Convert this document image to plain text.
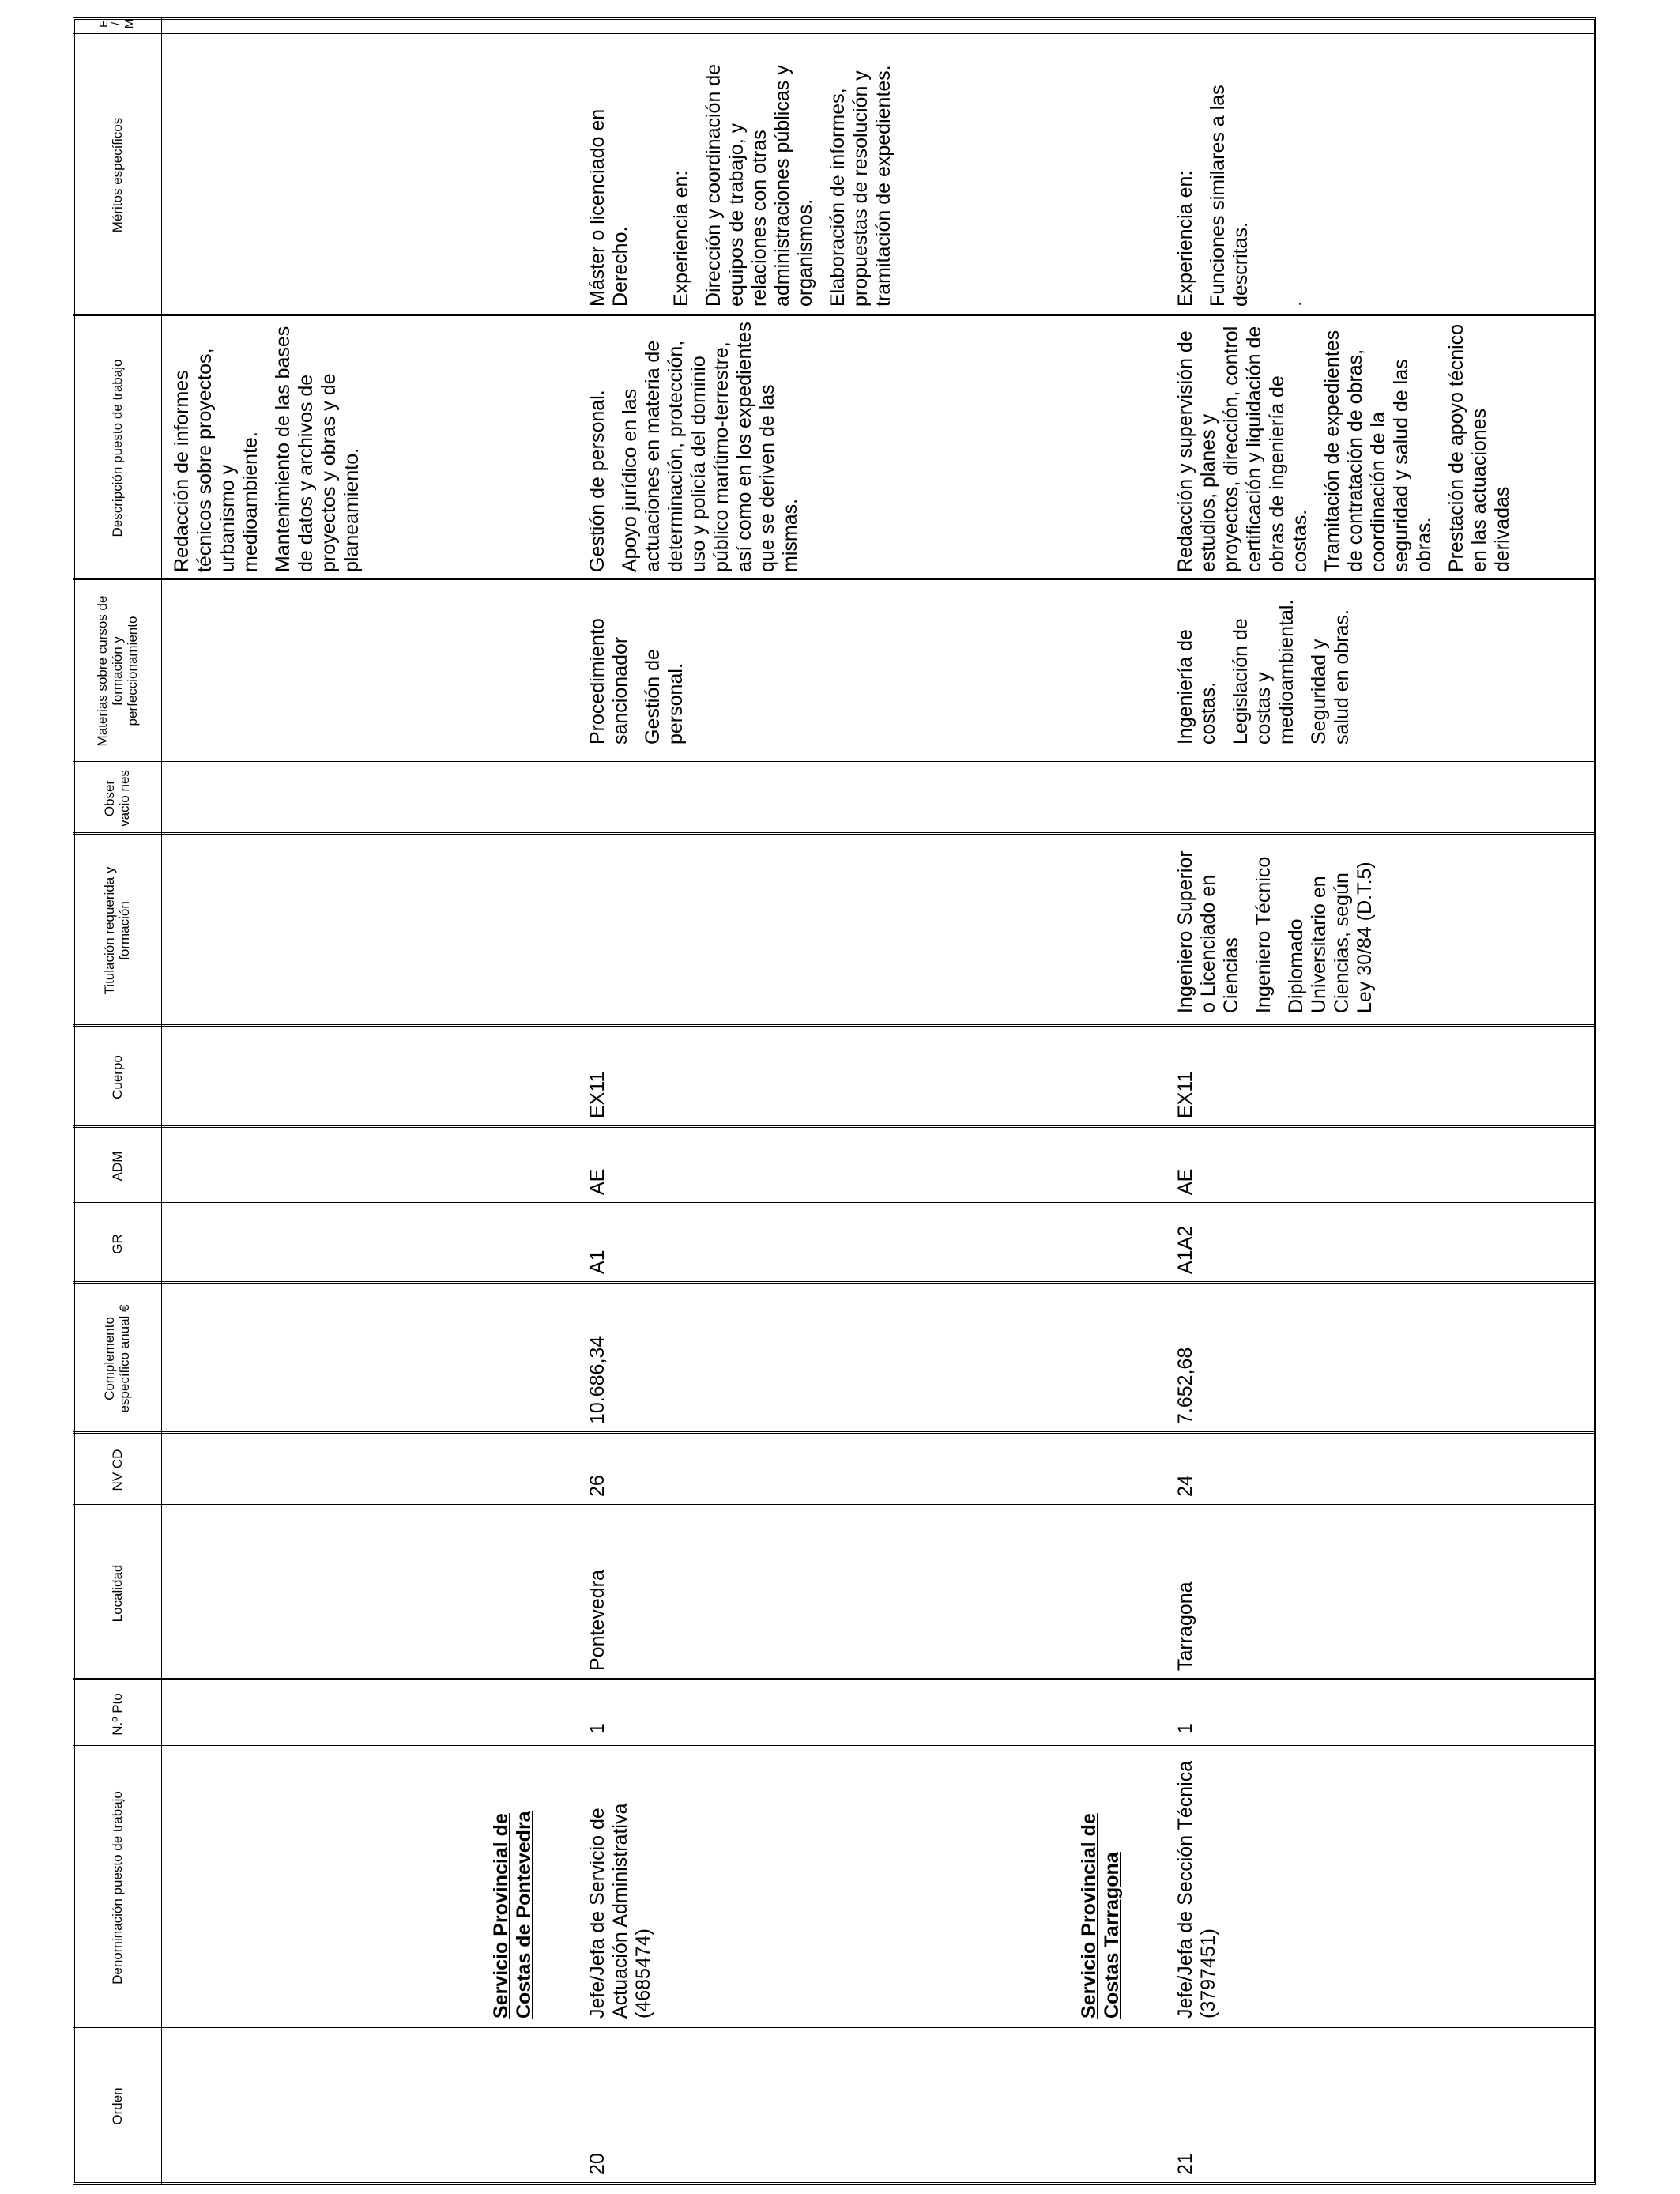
Orden
Denominación puesto de trabajo
N.º Pto
Localidad
NV CD
Complemento específico anual €
GR
ADM
Cuerpo
Titulación requerida y formación
Obser vacio nes
Materias sobre cursos de formación y perfeccionamiento
Descripción puesto de trabajo
Méritos específicos
E / M

Redacción de informes técnicos sobre proyectos, urbanismo y medioambiente. Mantenimiento de las bases de datos y archivos de proyectos y obras y de planeamiento.

Servicio Provincial de Costas de Pontevedra
20
Jefe/Jefa de Servicio de Actuación Administrativa (4685474)
1
Pontevedra
26
10.686,34
A1
AE
EX11

Procedimiento sancionador Gestión de personal.

Gestión de personal. Apoyo jurídico en las actuaciones en materia de determinación, protección, uso y policía del dominio público marítimo-terrestre, así como en los expedientes que se deriven de las mismas.

Máster o licenciado en Derecho. Experiencia en: Dirección y coordinación de equipos de trabajo, y relaciones con otras administraciones públicas y organismos. Elaboración de informes, propuestas de resolución y tramitación de expedientes.

Servicio Provincial de Costas Tarragona
21
Jefe/Jefa de Sección Técnica (3797451)
1
Tarragona
24
7.652,68
A1A2
AE
EX11

Ingeniero Superior o Licenciado en Ciencias Ingeniero Técnico Diplomado Universitario en Ciencias, según Ley 30/84 (D.T.5)

Ingeniería de costas. Legislación de costas y medioambiental. Seguridad y salud en obras.

Redacción y supervisión de estudios, planes y proyectos, dirección, control certificación y liquidación de obras de ingeniería de costas. Tramitación de expedientes de contratación de obras, coordinación de la seguridad y salud de las obras. Prestación de apoyo técnico en las actuaciones derivadas

Experiencia en: Funciones similares a las descritas. .
